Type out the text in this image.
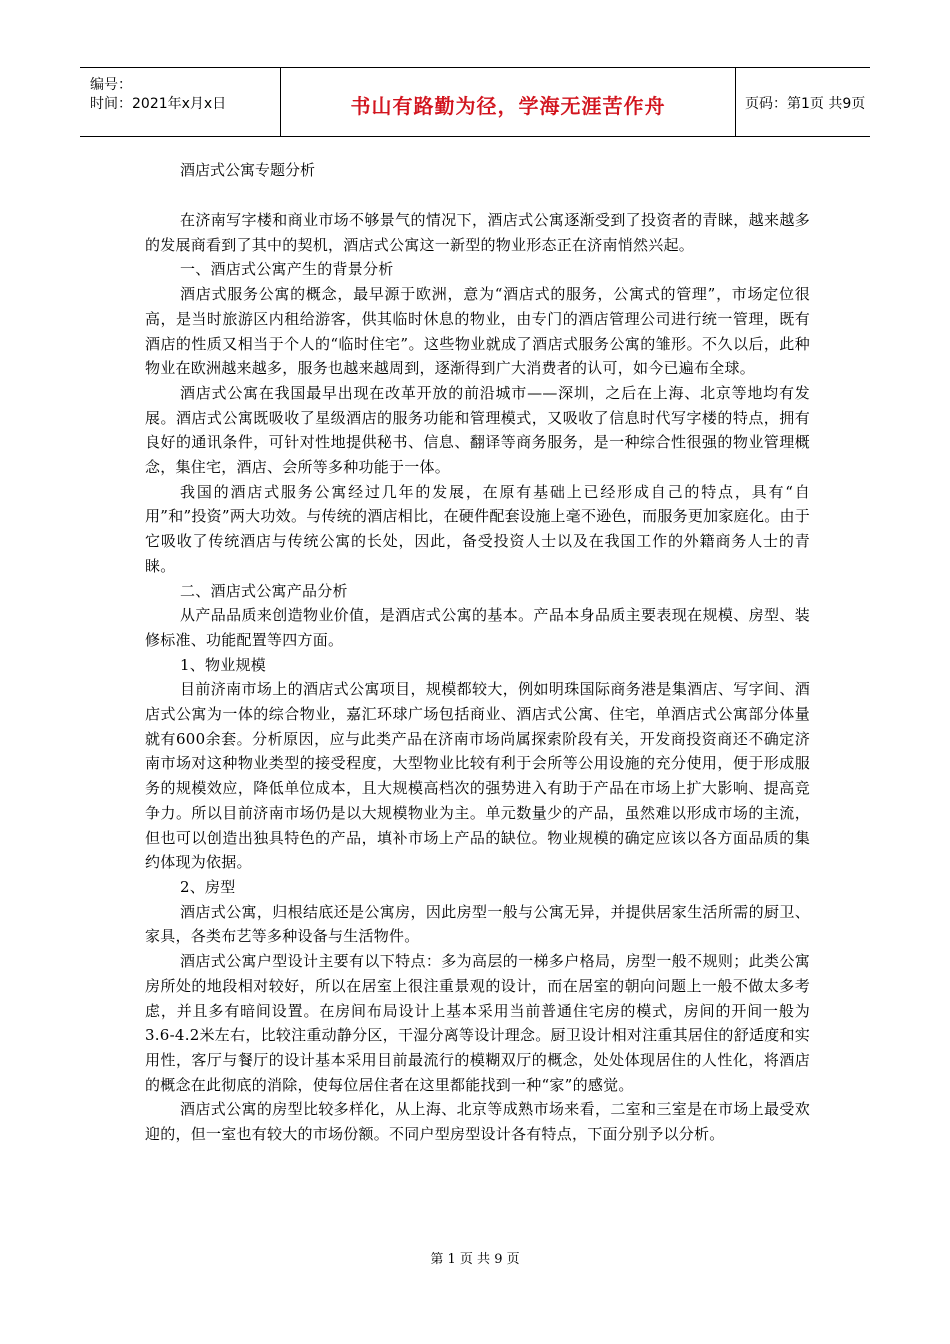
编号：
时间：2021年x月x日	书山有路勤为径，学海无涯苦作舟	页码：第1页 共9页
酒店式公寓专题分析

在济南写字楼和商业市场不够景气的情况下，酒店式公寓逐渐受到了投资者的青睐，越来越多的发展商看到了其中的契机，酒店式公寓这一新型的物业形态正在济南悄然兴起。

一、酒店式公寓产生的背景分析

酒店式服务公寓的概念，最早源于欧洲，意为“酒店式的服务，公寓式的管理”，市场定位很高，是当时旅游区内租给游客，供其临时休息的物业，由专门的酒店管理公司进行统一管理，既有酒店的性质又相当于个人的“临时住宅”。这些物业就成了酒店式服务公寓的雏形。不久以后，此种物业在欧洲越来越多，服务也越来越周到，逐渐得到广大消费者的认可，如今已遍布全球。

酒店式公寓在我国最早出现在改革开放的前沿城市——深圳，之后在上海、北京等地均有发展。酒店式公寓既吸收了星级酒店的服务功能和管理模式，又吸收了信息时代写字楼的特点，拥有良好的通讯条件，可针对性地提供秘书、信息、翻译等商务服务，是一种综合性很强的物业管理概念，集住宅，酒店、会所等多种功能于一体。

我国的酒店式服务公寓经过几年的发展，在原有基础上已经形成自己的特点，具有“自用”和”投资”两大功效。与传统的酒店相比，在硬件配套设施上毫不逊色，而服务更加家庭化。由于它吸收了传统酒店与传统公寓的长处，因此，备受投资人士以及在我国工作的外籍商务人士的青睐。

二、酒店式公寓产品分析

从产品品质来创造物业价值，是酒店式公寓的基本。产品本身品质主要表现在规模、房型、装修标准、功能配置等四方面。

1、物业规模

目前济南市场上的酒店式公寓项目，规模都较大，例如明珠国际商务港是集酒店、写字间、酒店式公寓为一体的综合物业，嘉汇环球广场包括商业、酒店式公寓、住宅，单酒店式公寓部分体量就有600余套。分析原因，应与此类产品在济南市场尚属探索阶段有关，开发商投资商还不确定济南市场对这种物业类型的接受程度，大型物业比较有利于会所等公用设施的充分使用，便于形成服务的规模效应，降低单位成本，且大规模高档次的强势进入有助于产品在市场上扩大影响、提高竞争力。所以目前济南市场仍是以大规模物业为主。单元数量少的产品，虽然难以形成市场的主流，但也可以创造出独具特色的产品，填补市场上产品的缺位。物业规模的确定应该以各方面品质的集约体现为依据。

2、房型

酒店式公寓，归根结底还是公寓房，因此房型一般与公寓无异，并提供居家生活所需的厨卫、家具，各类布艺等多种设备与生活物件。

酒店式公寓户型设计主要有以下特点：多为高层的一梯多户格局，房型一般不规则；此类公寓房所处的地段相对较好，所以在居室上很注重景观的设计，而在居室的朝向问题上一般不做太多考虑，并且多有暗间设置。在房间布局设计上基本采用当前普通住宅房的模式，房间的开间一般为3.6-4.2米左右，比较注重动静分区，干湿分离等设计理念。厨卫设计相对注重其居住的舒适度和实用性，客厅与餐厅的设计基本采用目前最流行的模糊双厅的概念，处处体现居住的人性化，将酒店的概念在此彻底的消除，使每位居住者在这里都能找到一种“家”的感觉。

酒店式公寓的房型比较多样化，从上海、北京等成熟市场来看，二室和三室是在市场上最受欢迎的，但一室也有较大的市场份额。不同户型房型设计各有特点，下面分别予以分析。

第 1 页 共 9 页
